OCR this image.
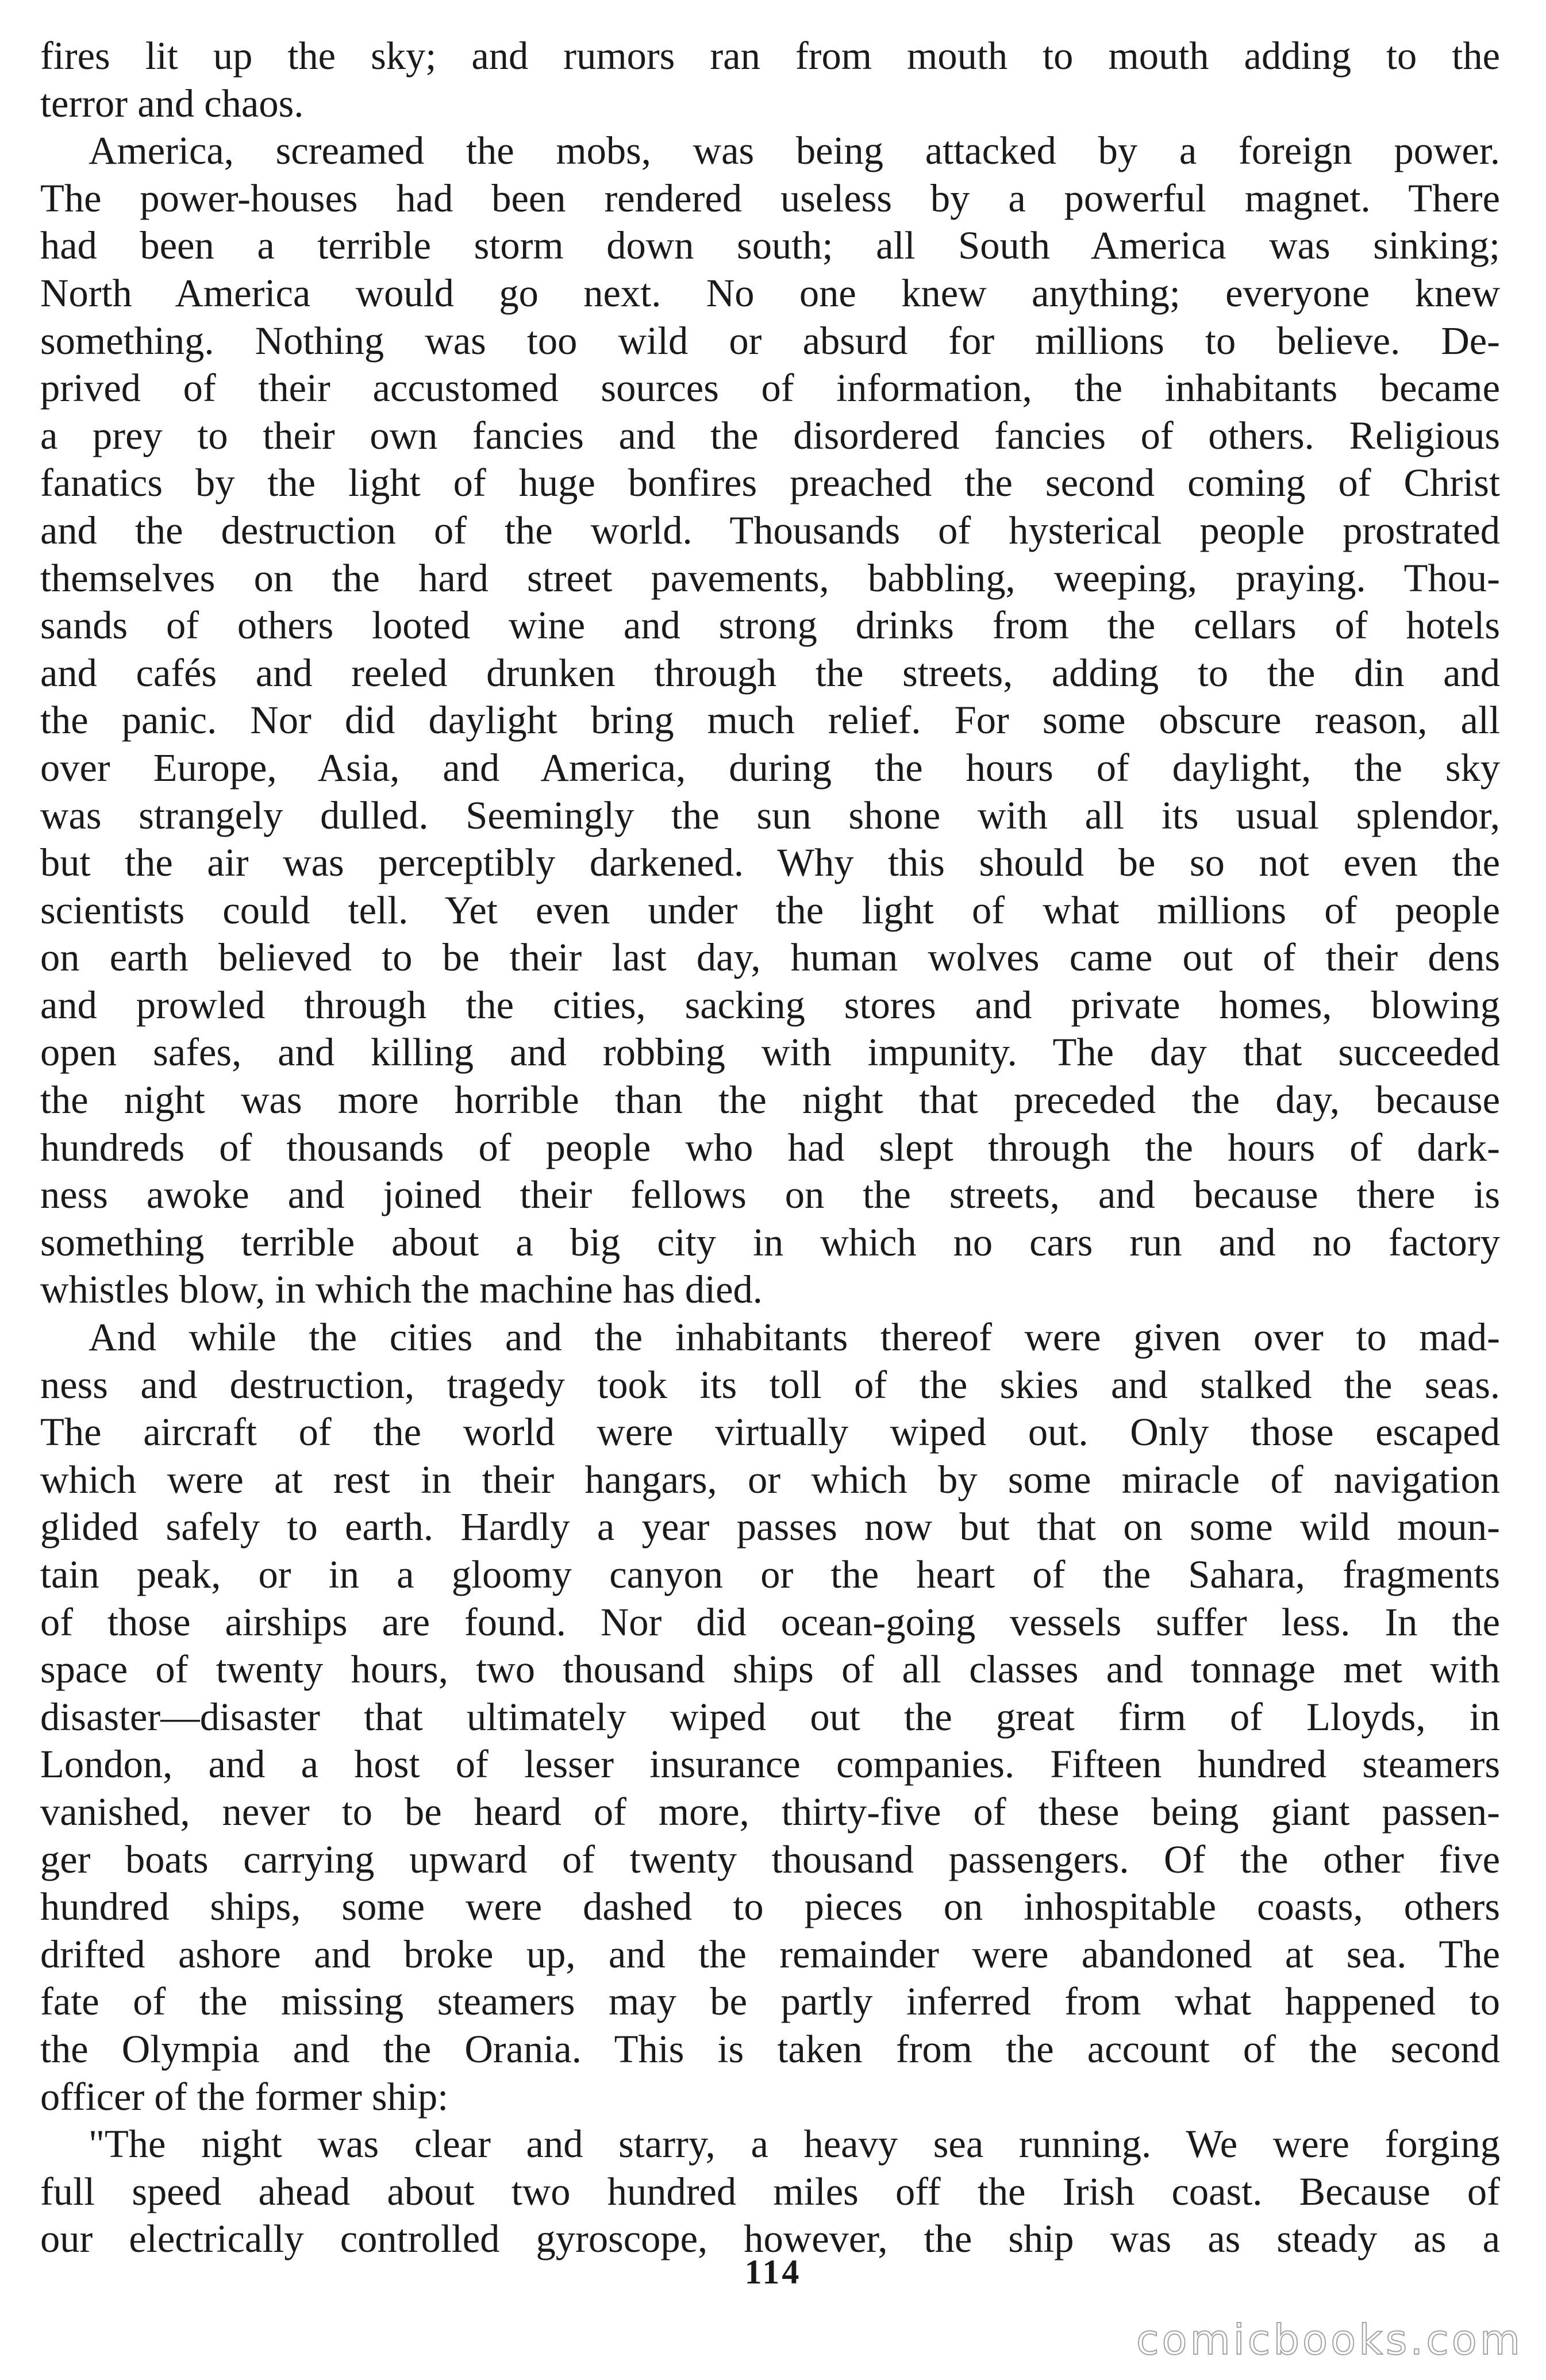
fires lit up the sky; and rumors ran from mouth to mouth adding to the
terror and chaos.
America, screamed the mobs, was being attacked by a foreign power.
The power-houses had been rendered useless by a powerful magnet. There
had been a terrible storm down south; all South America was sinking;
North America would go next. No one knew anything; everyone knew
something. Nothing was too wild or absurd for millions to believe. De-
prived of their accustomed sources of information, the inhabitants became
a prey to their own fancies and the disordered fancies of others. Religious
fanatics by the light of huge bonfires preached the second coming of Christ
and the destruction of the world. Thousands of hysterical people prostrated
themselves on the hard street pavements, babbling, weeping, praying. Thou-
sands of others looted wine and strong drinks from the cellars of hotels
and cafés and reeled drunken through the streets, adding to the din and
the panic. Nor did daylight bring much relief. For some obscure reason, all
over Europe, Asia, and America, during the hours of daylight, the sky
was strangely dulled. Seemingly the sun shone with all its usual splendor,
but the air was perceptibly darkened. Why this should be so not even the
scientists could tell. Yet even under the light of what millions of people
on earth believed to be their last day, human wolves came out of their dens
and prowled through the cities, sacking stores and private homes, blowing
open safes, and killing and robbing with impunity. The day that succeeded
the night was more horrible than the night that preceded the day, because
hundreds of thousands of people who had slept through the hours of dark-
ness awoke and joined their fellows on the streets, and because there is
something terrible about a big city in which no cars run and no factory
whistles blow, in which the machine has died.
And while the cities and the inhabitants thereof were given over to mad-
ness and destruction, tragedy took its toll of the skies and stalked the seas.
The aircraft of the world were virtually wiped out. Only those escaped
which were at rest in their hangars, or which by some miracle of navigation
glided safely to earth. Hardly a year passes now but that on some wild moun-
tain peak, or in a gloomy canyon or the heart of the Sahara, fragments
of those airships are found. Nor did ocean-going vessels suffer less. In the
space of twenty hours, two thousand ships of all classes and tonnage met with
disaster—disaster that ultimately wiped out the great firm of Lloyds, in
London, and a host of lesser insurance companies. Fifteen hundred steamers
vanished, never to be heard of more, thirty-five of these being giant passen-
ger boats carrying upward of twenty thousand passengers. Of the other five
hundred ships, some were dashed to pieces on inhospitable coasts, others
drifted ashore and broke up, and the remainder were abandoned at sea. The
fate of the missing steamers may be partly inferred from what happened to
the Olympia and the Orania. This is taken from the account of the second
officer of the former ship:
"The night was clear and starry, a heavy sea running. We were forging
full speed ahead about two hundred miles off the Irish coast. Because of
our electrically controlled gyroscope, however, the ship was as steady as a
114
comicbooks.com
